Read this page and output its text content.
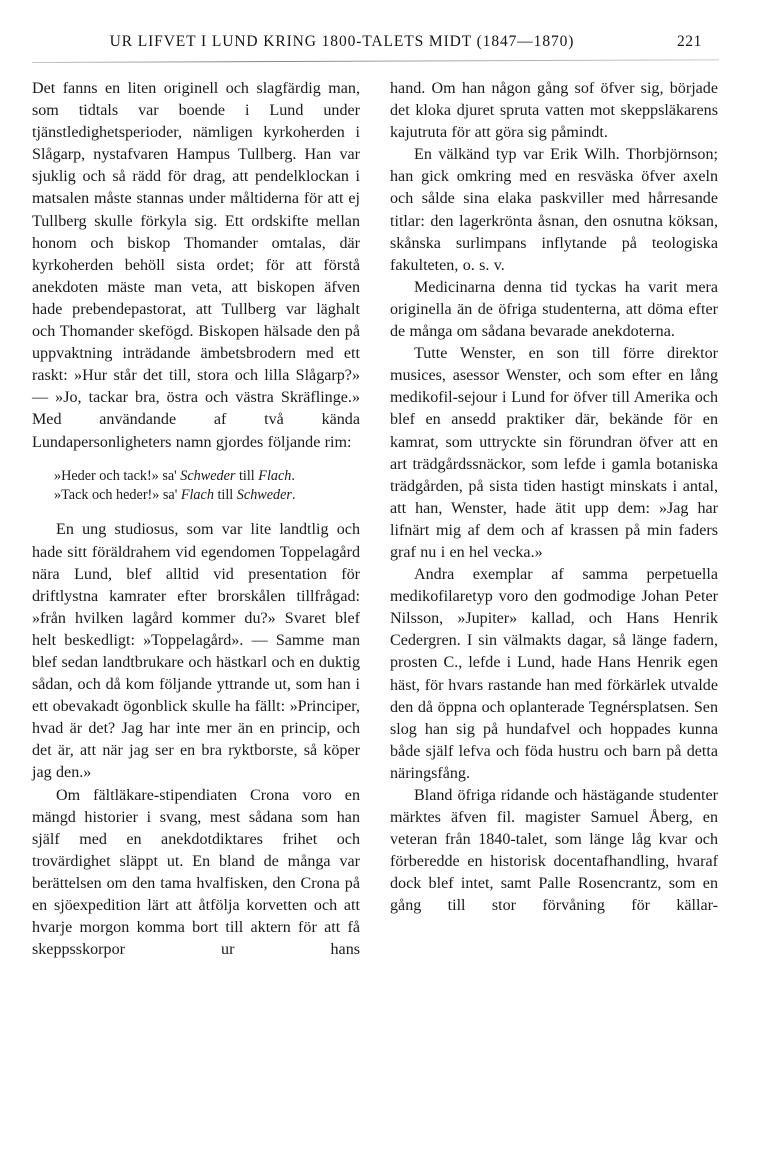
UR LIFVET I LUND KRING 1800-TALETS MIDT (1847—1870)	221

Det fanns en liten originell och slagfärdig man, som tidtals var boende i Lund under tjänstledighetsperioder, nämligen kyrkoherden i Slågarp, nystafvaren Hampus Tullberg. Han var sjuklig och så rädd för drag, att pendelklockan i matsalen måste stannas under måltiderna för att ej Tullberg skulle förkyla sig. Ett ordskifte mellan honom och biskop Thomander omtalas, där kyrkoherden behöll sista ordet; för att förstå anekdoten mäste man veta, att biskopen äfven hade prebendepastorat, att Tullberg var läghalt och Thomander skefögd. Biskopen hälsade den på uppvaktning inträdande ämbetsbrodern med ett raskt: »Hur står det till, stora och lilla Slågarp?» — »Jo, tackar bra, östra och västra Skräflinge.» Med användande af två kända Lundapersonligheters namn gjordes följande rim:

»Heder och tack!» sa' Schweder till Flach.
»Tack och heder!» sa' Flach till Schweder.

En ung studiosus, som var lite landtlig och hade sitt föräldrahem vid egendomen Toppelagård nära Lund, blef alltid vid presentation för driftlystna kamrater efter brorskålen tillfrågad: »från hvilken lagård kommer du?» Svaret blef helt beskedligt: »Toppelagård». — Samme man blef sedan landtbrukare och hästkarl och en duktig sådan, och då kom följande yttrande ut, som han i ett obevakadt ögonblick skulle ha fällt: »Principer, hvad är det? Jag har inte mer än en princip, och det är, att när jag ser en bra ryktborste, så köper jag den.»

Om fältläkare-stipendiaten Crona voro en mängd historier i svang, mest sådana som han själf med en anekdotdiktares frihet och trovärdighet släppt ut. En bland de många var berättelsen om den tama hvalfisken, den Crona på en sjöexpedition lärt att åtfölja korvetten och att hvarje morgon komma bort till aktern för att få skeppsskorpor ur hans

hand. Om han någon gång sof öfver sig, började det kloka djuret spruta vatten mot skeppsläkarens kajutruta för att göra sig påmindt.

En välkänd typ var Erik Wilh. Thorbjörnson; han gick omkring med en resväska öfver axeln och sålde sina elaka paskviller med hårresande titlar: den lagerkrönta åsnan, den osnutna köksan, skånska surlimpans inflytande på teologiska fakulteten, o. s. v.

Medicinarna denna tid tyckas ha varit mera originella än de öfriga studenterna, att döma efter de många om sådana bevarade anekdoterna.

Tutte Wenster, en son till förre direktor musices, asessor Wenster, och som efter en lång medikofil-sejour i Lund for öfver till Amerika och blef en ansedd praktiker där, bekände för en kamrat, som uttryckte sin förundran öfver att en art trädgårdssnäckor, som lefde i gamla botaniska trädgården, på sista tiden hastigt minskats i antal, att han, Wenster, hade ätit upp dem: »Jag har lifnärt mig af dem och af krassen på min faders graf nu i en hel vecka.»

Andra exemplar af samma perpetuella medikofilaretyp voro den godmodige Johan Peter Nilsson, »Jupiter» kallad, och Hans Henrik Cedergren. I sin välmakts dagar, så länge fadern, prosten C., lefde i Lund, hade Hans Henrik egen häst, för hvars rastande han med förkärlek utvalde den då öppna och oplanterade Tegnérsplatsen. Sen slog han sig på hundafvel och hoppades kunna både själf lefva och föda hustru och barn på detta näringsfång.

Bland öfriga ridande och hästägande studenter märktes äfven fil. magister Samuel Åberg, en veteran från 1840-talet, som länge låg kvar och förberedde en historisk docentafhandling, hvaraf dock blef intet, samt Palle Rosencrantz, som en gång till stor förvåning för källar-
